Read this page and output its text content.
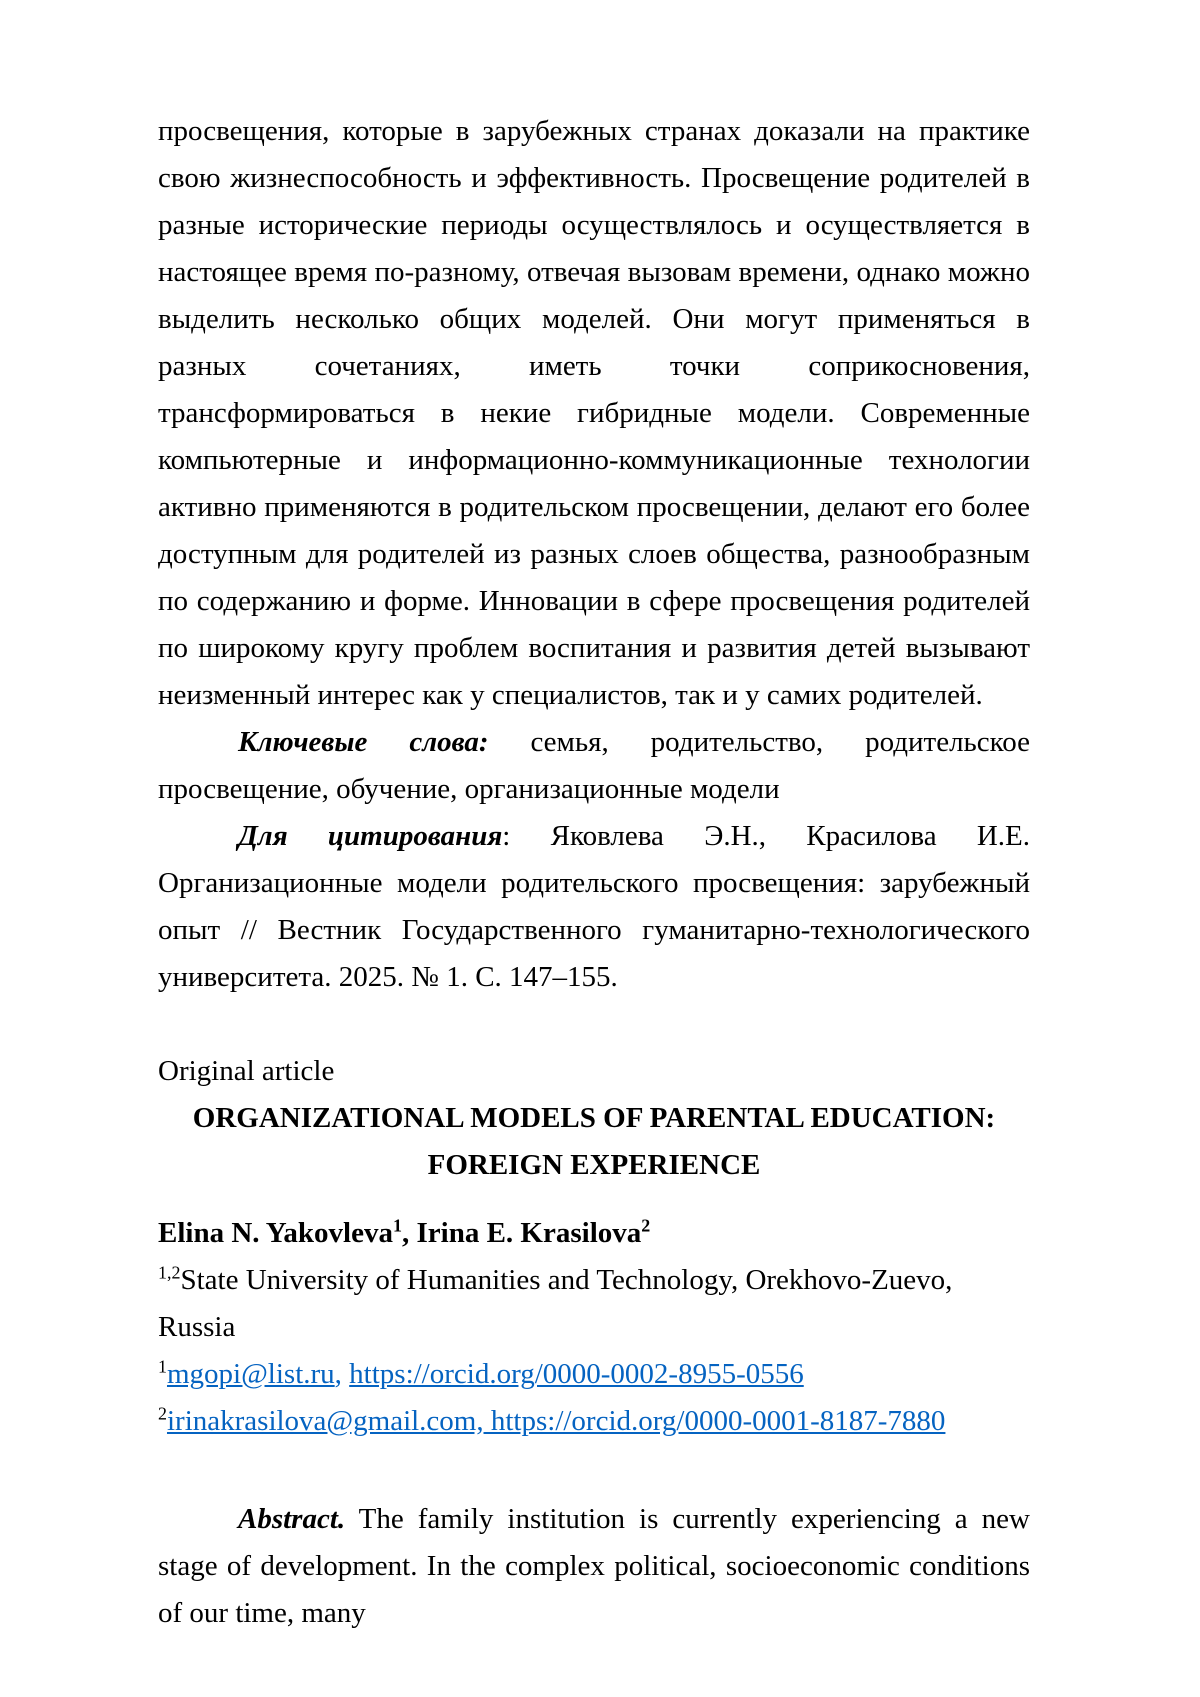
просвещения, которые в зарубежных странах доказали на практике свою жизнеспособность и эффективность. Просвещение родителей в разные исторические периоды осуществлялось и осуществляется в настоящее время по-разному, отвечая вызовам времени, однако можно выделить несколько общих моделей. Они могут применяться в разных сочетаниях, иметь точки соприкосновения, трансформироваться в некие гибридные модели. Современные компьютерные и информационно-коммуникационные технологии активно применяются в родительском просвещении, делают его более доступным для родителей из разных слоев общества, разнообразным по содержанию и форме. Инновации в сфере просвещения родителей по широкому кругу проблем воспитания и развития детей вызывают неизменный интерес как у специалистов, так и у самих родителей.

Ключевые слова: семья, родительство, родительское просвещение, обучение, организационные модели

Для цитирования: Яковлева Э.Н., Красилова И.Е. Организационные модели родительского просвещения: зарубежный опыт // Вестник Государственного гуманитарно-технологического университета. 2025. № 1. С. 147–155.

Original article

ORGANIZATIONAL MODELS OF PARENTAL EDUCATION: FOREIGN EXPERIENCE

Elina N. Yakovleva$^1$, Irina E. Krasilova$^2$

$^{1,2}$State University of Humanities and Technology, Orekhovo-Zuevo, Russia

$^1$mgopi@list.ru, https://orcid.org/0000-0002-8955-0556

$^2$irinakrasilova@gmail.com, https://orcid.org/0000-0001-8187-7880

Abstract. The family institution is currently experiencing a new stage of development. In the complex political, socioeconomic conditions of our time, many
